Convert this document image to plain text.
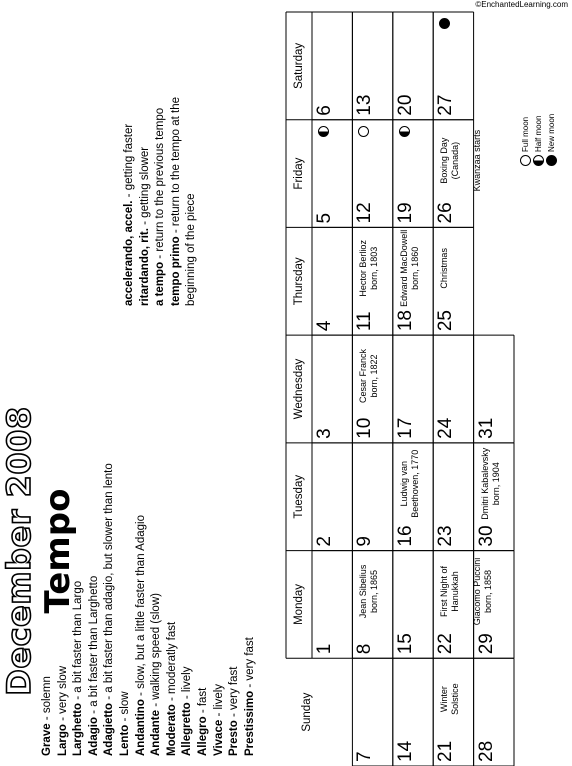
December 2008 Tempo
Grave - solemn
Largo - very slow
Larghetto - a bit faster than Largo
Adagio - a bit faster than Larghetto
Adagietto - a bit faster than adagio, but slower than lento
Lento - slow Andantino - slow, but a little faster than Adagio
Andante - walking speed (slow)
Moderato - moderatly fast
Allegretto - lively
Allegro - fast
Vivace - lively
Presto - very fast Prestissimo - very fast
accelerando, accel. - getting faster
ritardando, rit. - getting slower
a tempo - return to the previous tempo
tempo primo - return to the tempo at the
beginning of the piece
Sunday
Monday
Tuesday
Wednesday
Thursday
Friday
Saturday
1
2
3
4
5
6
7
8
Jean Sibelius
born, 1865
9
10
Cesar Franck
born, 1822
11
Hector Berlioz
born, 1803
12
13
14
15
16
Ludwig van
Beethoven, 1770
17
18
Edward MacDowell
born, 1860
19
20
21
Winter
Solstice
22
First Night of
Hanukkah

Giacomo Puccini
born, 1858
23
24
25
Christmas
26
Boxing Day
(Canada)

Kwanzaa starts
27
28
29
30
Dmitri Kabalevsky
born, 1904
31
Full moon Half moon New moon
©EnchantedLearning.com
